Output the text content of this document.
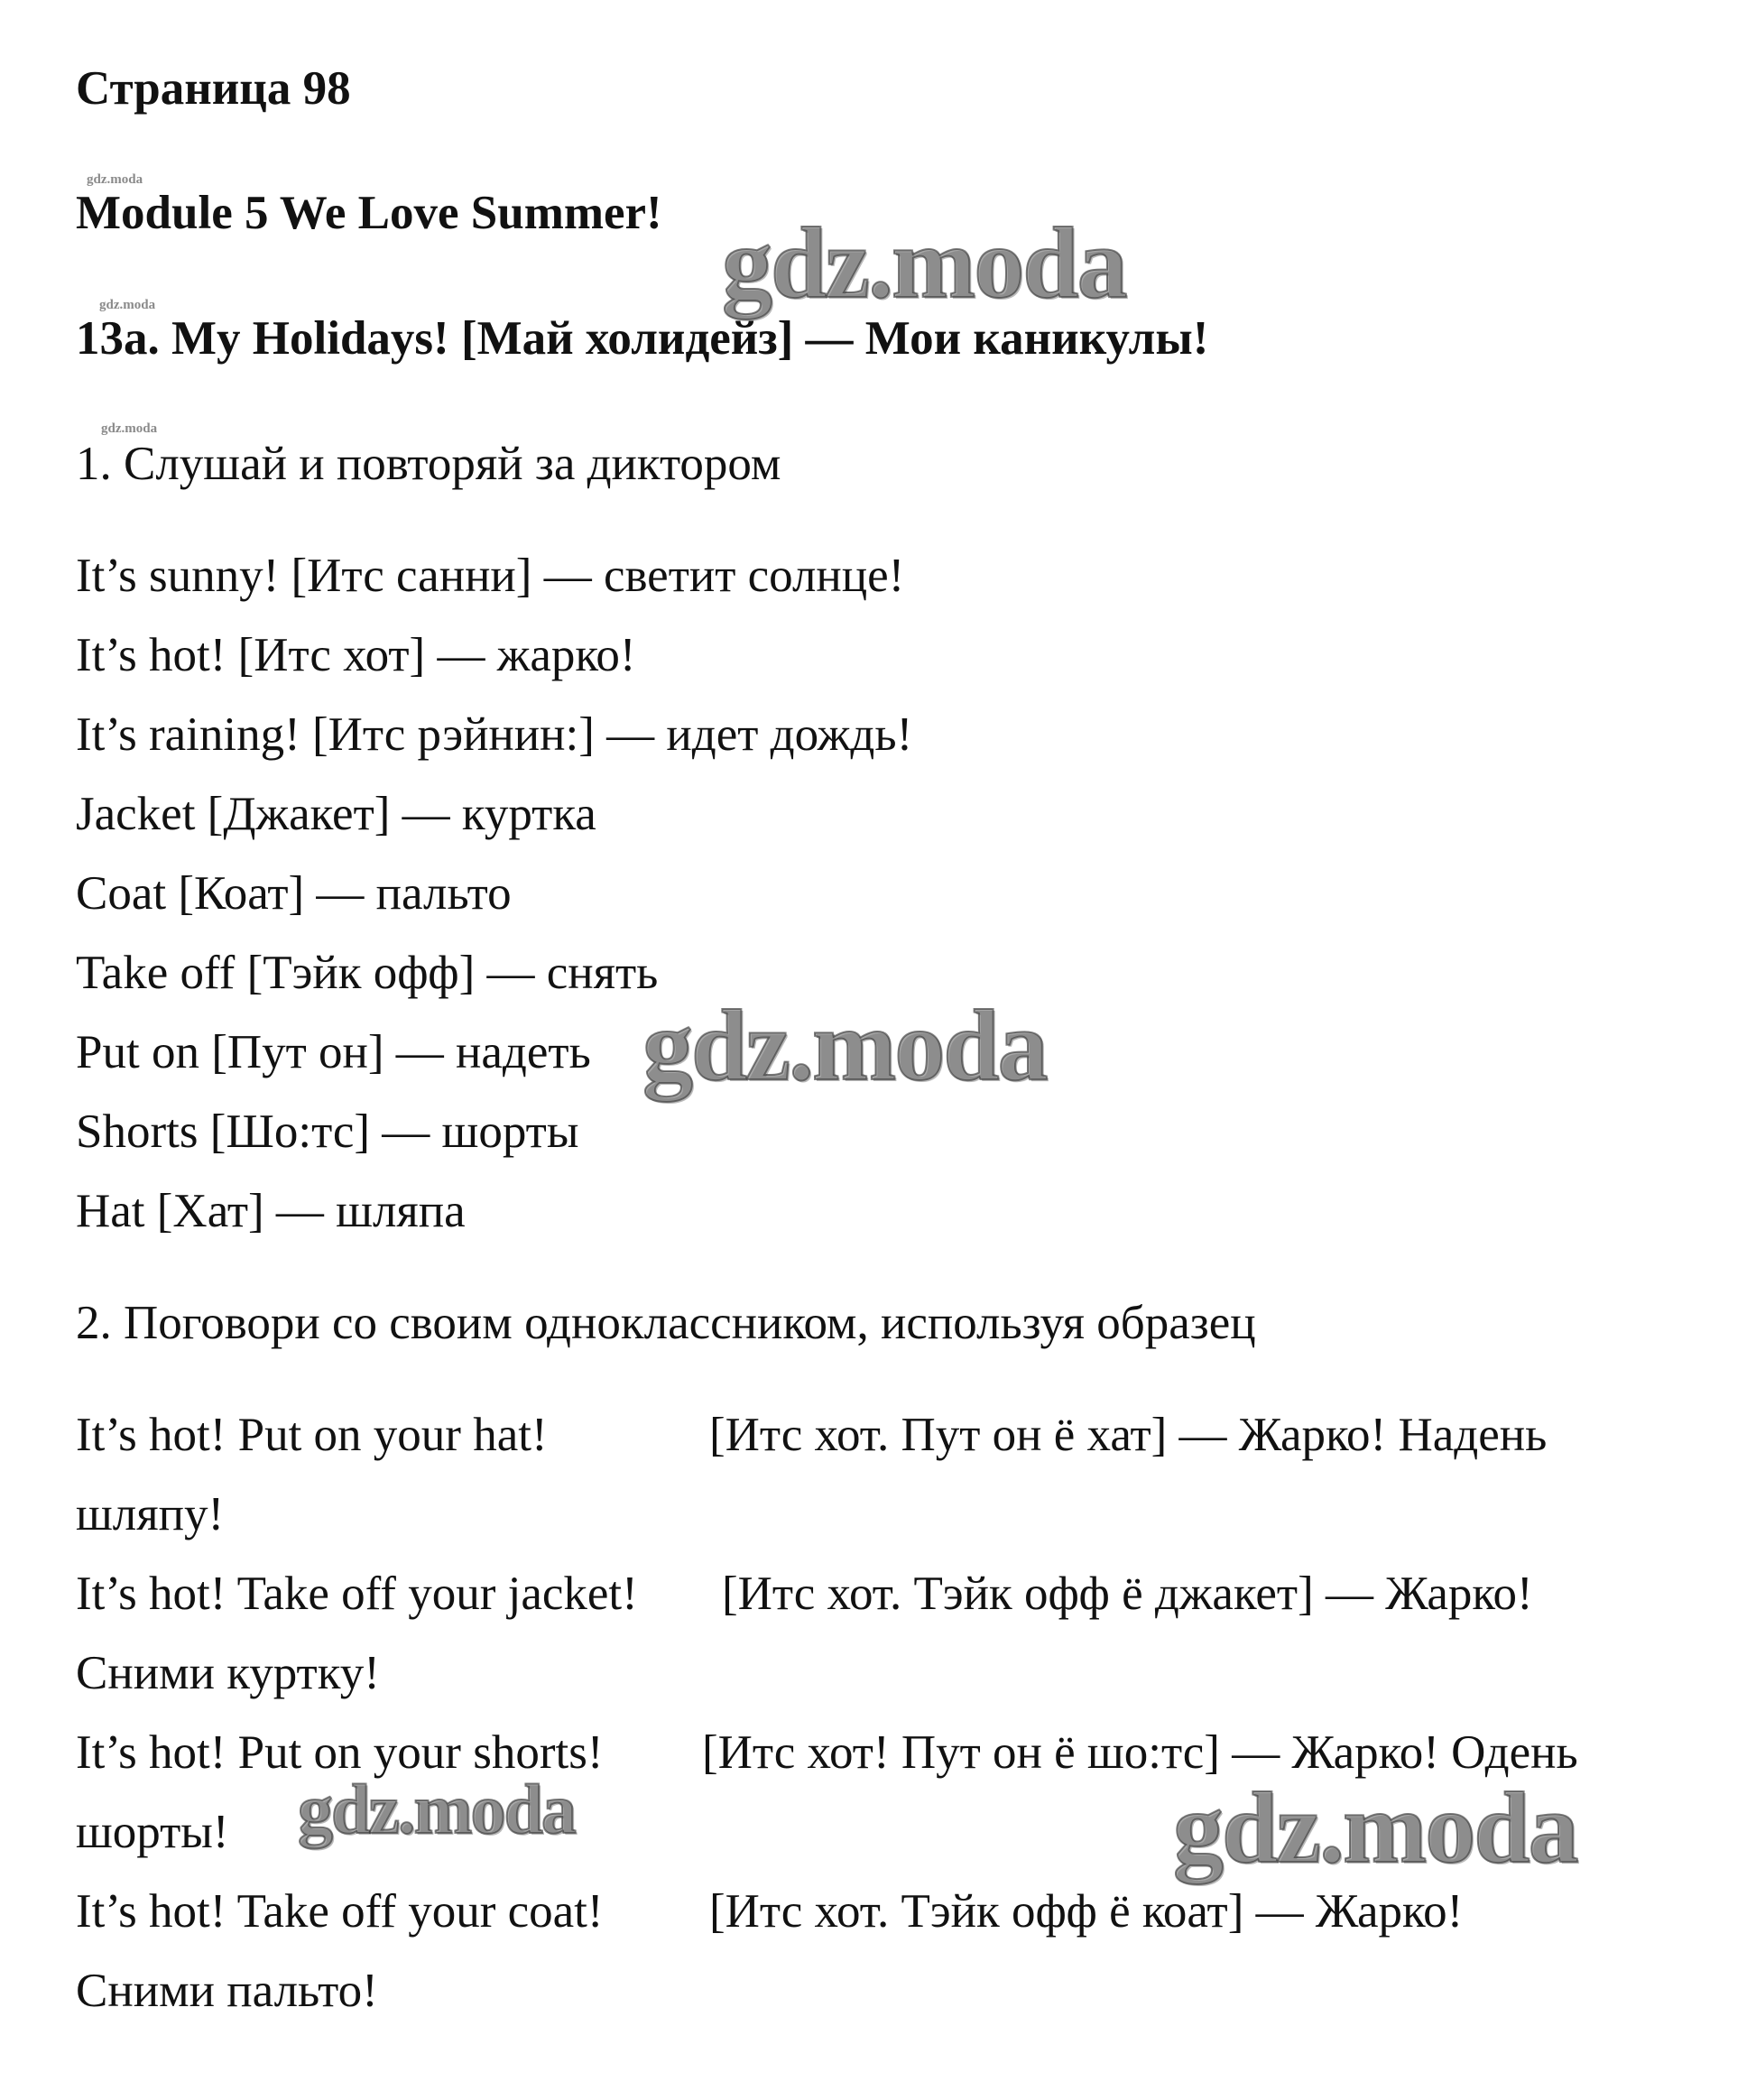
Страница 98
gdz.moda
Module 5 We Love Summer!
gdz.moda
13a. My Holidays! [Май холидейз] — Мои каникулы!
gdz.moda
1. Слушай и повторяй за диктором
It’s sunny! [Итс санни] — светит солнце!
It’s hot! [Итс хот] — жарко!
It’s raining! [Итс рэйнин:] — идет дождь!
Jacket [Джакет] — куртка
Coat [Коат] — пальто
Take off [Тэйк офф] — снять
Put on [Пут он] — надеть
Shorts [Шо:тс] — шорты
Hat [Хат] — шляпа
2. Поговори со своим одноклассником, используя образец
It’s hot! Put on your hat!	[Итс хот. Пут он ё хат] — Жарко! Надень
шляпу!
It’s hot! Take off your jacket! [Итс хот. Тэйк офф ё джакет] — Жарко!
Сними куртку!
It’s hot! Put on your shorts! [Итс хот! Пут он ё шо:тс] — Жарко! Одень
шорты!
It’s hot! Take off your coat! [Итс хот. Тэйк офф ё коат] — Жарко!
Сними пальто!
gdz.moda
gdz.moda
gdz.moda	gdz.moda
